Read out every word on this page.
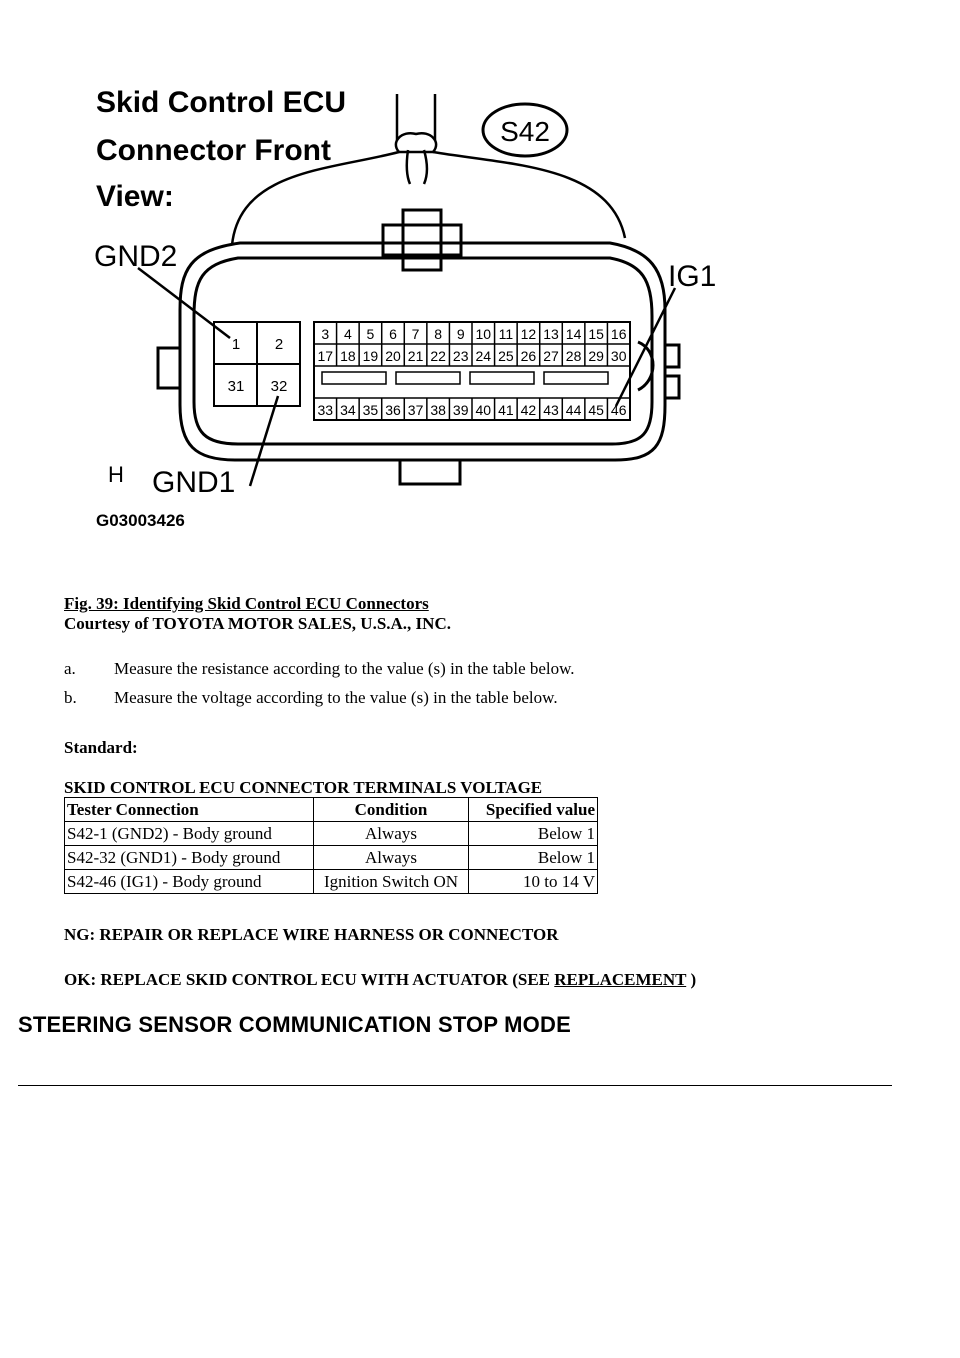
Skid Control ECU
Connector Front
View:
S42
1 2
31 32
3 4 5 6 7 8 9 10 11 12 13 14 15 16
17 18 19 20 21 22 23 24 25 26 27 28 29 30
33 34 35 36 37 38 39 40 41 42 43 44 45 46
GND2
GND1
IG1
H
G03003426
Fig. 39: Identifying Skid Control ECU Connectors
Courtesy of TOYOTA MOTOR SALES, U.S.A., INC.
a. Measure the resistance according to the value (s) in the table below.
b. Measure the voltage according to the value (s) in the table below.
Standard:
SKID CONTROL ECU CONNECTOR TERMINALS VOLTAGE
Tester Connection	Condition	Specified value
S42-1 (GND2) - Body ground	Always	Below 1
S42-32 (GND1) - Body ground	Always	Below 1
S42-46 (IG1) - Body ground	Ignition Switch ON	10 to 14 V
NG: REPAIR OR REPLACE WIRE HARNESS OR CONNECTOR
OK: REPLACE SKID CONTROL ECU WITH ACTUATOR (SEE REPLACEMENT )
STEERING SENSOR COMMUNICATION STOP MODE
